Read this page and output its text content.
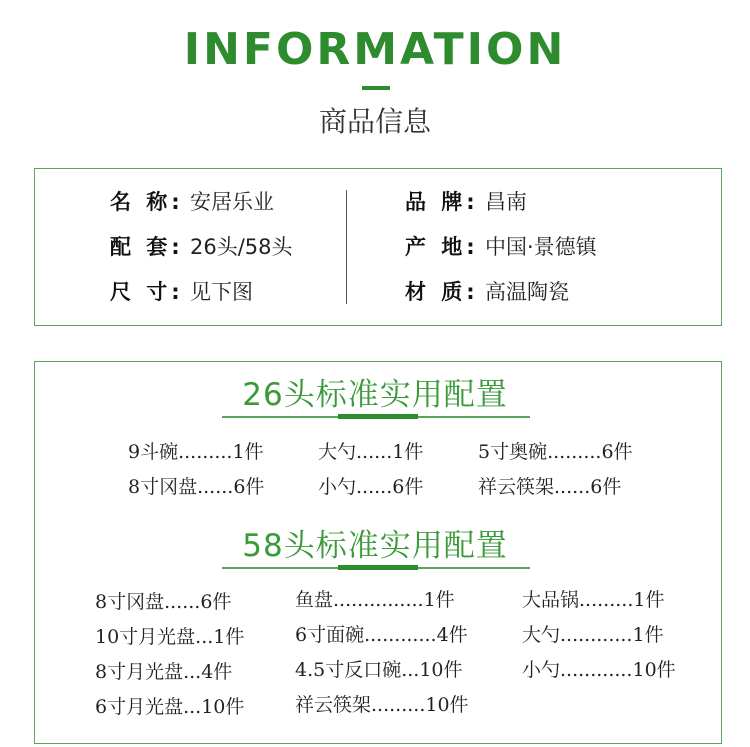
INFORMATION
商品信息
名 称: 安居乐业
配 套: 26头/58头
尺 寸: 见下图
品 牌: 昌南
产 地: 中国·景德镇
材 质: 高温陶瓷
26头标准实用配置
9斗碗.........1件	大勺......1件	5寸奥碗.........6件
8寸冈盘......6件	小勺......6件	祥云筷架......6件
58头标准实用配置
8寸冈盘......6件	鱼盘...............1件	大品锅.........1件
10寸月光盘...1件	6寸面碗............4件	大勺............1件
8寸月光盘...4件	4.5寸反口碗...10件	小勺............10件
6寸月光盘...10件	祥云筷架.........10件
